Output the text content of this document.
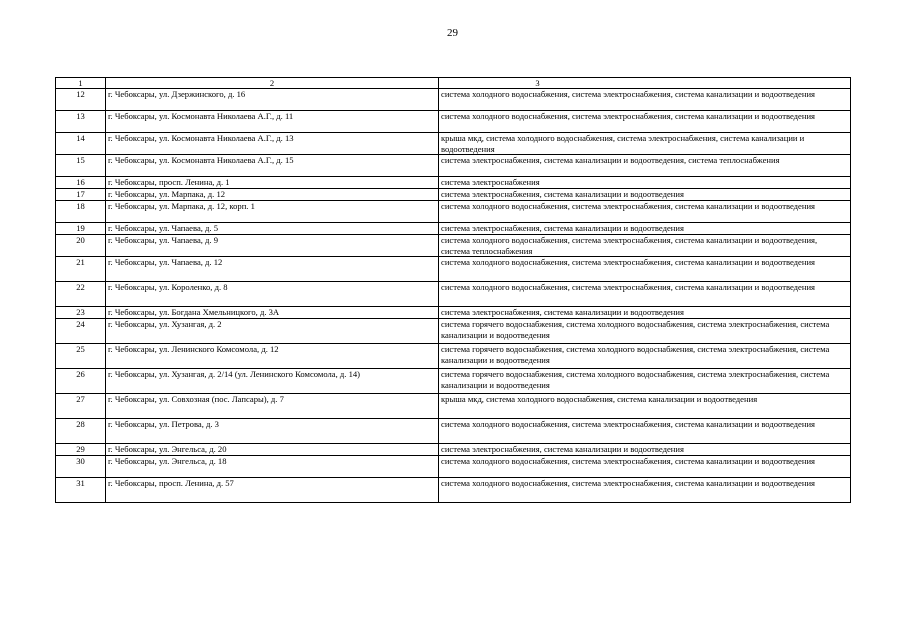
29
1	2	3
12	г. Чебоксары, ул. Дзержинского, д. 16	система холодного водоснабжения, система электроснабжения, система канализации и водоотведения
13	г. Чебоксары, ул. Космонавта Николаева А.Г., д. 11	система холодного водоснабжения, система электроснабжения, система канализации и водоотведения
14	г. Чебоксары, ул. Космонавта Николаева А.Г., д. 13	крыша мкд, система холодного водоснабжения, система электроснабжения, система канализации и водоотведения
15	г. Чебоксары, ул. Космонавта Николаева А.Г., д. 15	система электроснабжения, система канализации и водоотведения, система теплоснабжения
16	г. Чебоксары, просп. Ленина, д. 1	система электроснабжения
17	г. Чебоксары, ул. Марпака, д. 12	система электроснабжения, система канализации и водоотведения
18	г. Чебоксары, ул. Марпака, д. 12, корп. 1	система холодного водоснабжения, система электроснабжения, система канализации и водоотведения
19	г. Чебоксары, ул. Чапаева, д. 5	система электроснабжения, система канализации и водоотведения
20	г. Чебоксары, ул. Чапаева, д. 9	система холодного водоснабжения, система электроснабжения, система канализации и водоотведения, система теплоснабжения
21	г. Чебоксары, ул. Чапаева, д. 12	система холодного водоснабжения, система электроснабжения, система канализации и водоотведения
22	г. Чебоксары, ул. Короленко, д. 8	система холодного водоснабжения, система электроснабжения, система канализации и водоотведения
23	г. Чебоксары, ул. Богдана Хмельницкого, д. 3А	система электроснабжения, система канализации и водоотведения
24	г. Чебоксары, ул. Хузангая, д. 2	система горячего водоснабжения, система холодного водоснабжения, система электроснабжения, система канализации и водоотведения
25	г. Чебоксары, ул. Ленинского Комсомола, д. 12	система горячего водоснабжения, система холодного водоснабжения, система электроснабжения, система канализации и водоотведения
26	г. Чебоксары, ул. Хузангая, д. 2/14 (ул. Ленинского Комсомола, д. 14)	система горячего водоснабжения, система холодного водоснабжения, система электроснабжения, система канализации и водоотведения
27	г. Чебоксары, ул. Совхозная (пос. Лапсары), д. 7	крыша мкд, система холодного водоснабжения, система канализации и водоотведения
28	г. Чебоксары, ул. Петрова, д. 3	система холодного водоснабжения, система электроснабжения, система канализации и водоотведения
29	г. Чебоксары, ул. Энгельса, д. 20	система электроснабжения, система канализации и водоотведения
30	г. Чебоксары, ул. Энгельса, д. 18	система холодного водоснабжения, система электроснабжения, система канализации и водоотведения
31	г. Чебоксары, просп. Ленина, д. 57	система холодного водоснабжения, система электроснабжения, система канализации и водоотведения
